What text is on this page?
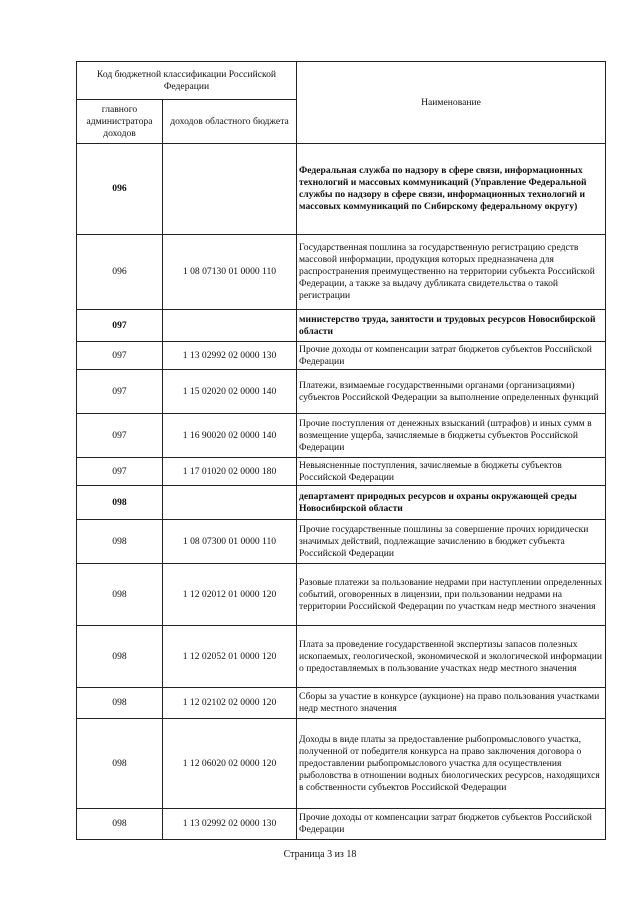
Код бюджетной классификации Российской Федерации		Наименование
главного администратора доходов	доходов областного бюджета	
096		Федеральная служба по надзору в сфере связи, информационных технологий и массовых коммуникаций (Управление Федеральной службы по надзору в сфере связи, информационных технологий и массовых коммуникаций по Сибирскому федеральному округу)
096	1 08 07130 01 0000 110	Государственная пошлина за государственную регистрацию средств массовой информации, продукция которых предназначена для распространения преимущественно на территории субъекта Российской Федерации, а также за выдачу дубликата свидетельства о такой регистрации
097		министерство труда, занятости и трудовых ресурсов Новосибирской области
097	1 13 02992 02 0000 130	Прочие доходы от компенсации затрат бюджетов субъектов Российской Федерации
097	1 15 02020 02 0000 140	Платежи, взимаемые государственными органами (организациями) субъектов Российской Федерации за выполнение определенных функций
097	1 16 90020 02 0000 140	Прочие поступления от денежных взысканий (штрафов) и иных сумм в возмещение ущерба, зачисляемые в бюджеты субъектов Российской Федерации
097	1 17 01020 02 0000 180	Невыясненные поступления, зачисляемые в бюджеты субъектов Российской Федерации
098		департамент природных ресурсов и охраны окружающей среды Новосибирской области
098	1 08 07300 01 0000 110	Прочие государственные пошлины за совершение прочих юридически значимых действий, подлежащие зачислению в бюджет субъекта Российской Федерации
098	1 12 02012 01 0000 120	Разовые платежи за пользование недрами при наступлении определенных событий, оговоренных в лицензии, при пользовании недрами на территории Российской Федерации по участкам недр местного значения
098	1 12 02052 01 0000 120	Плата за проведение государственной экспертизы запасов полезных ископаемых, геологической, экономической и экологической информации о предоставляемых в пользование участках недр местного значения
098	1 12 02102 02 0000 120	Сборы за участие в конкурсе (аукционе) на право пользования участками недр местного значения
098	1 12 06020 02 0000 120	Доходы в виде платы за предоставление рыбопромыслового участка, полученной от победителя конкурса на право заключения договора о предоставлении рыбопромыслового участка для осуществления рыболовства в отношении водных биологических ресурсов, находящихся в собственности субъектов Российской Федерации
098	1 13 02992 02 0000 130	Прочие доходы от компенсации затрат бюджетов субъектов Российской Федерации
Страница 3 из 18
